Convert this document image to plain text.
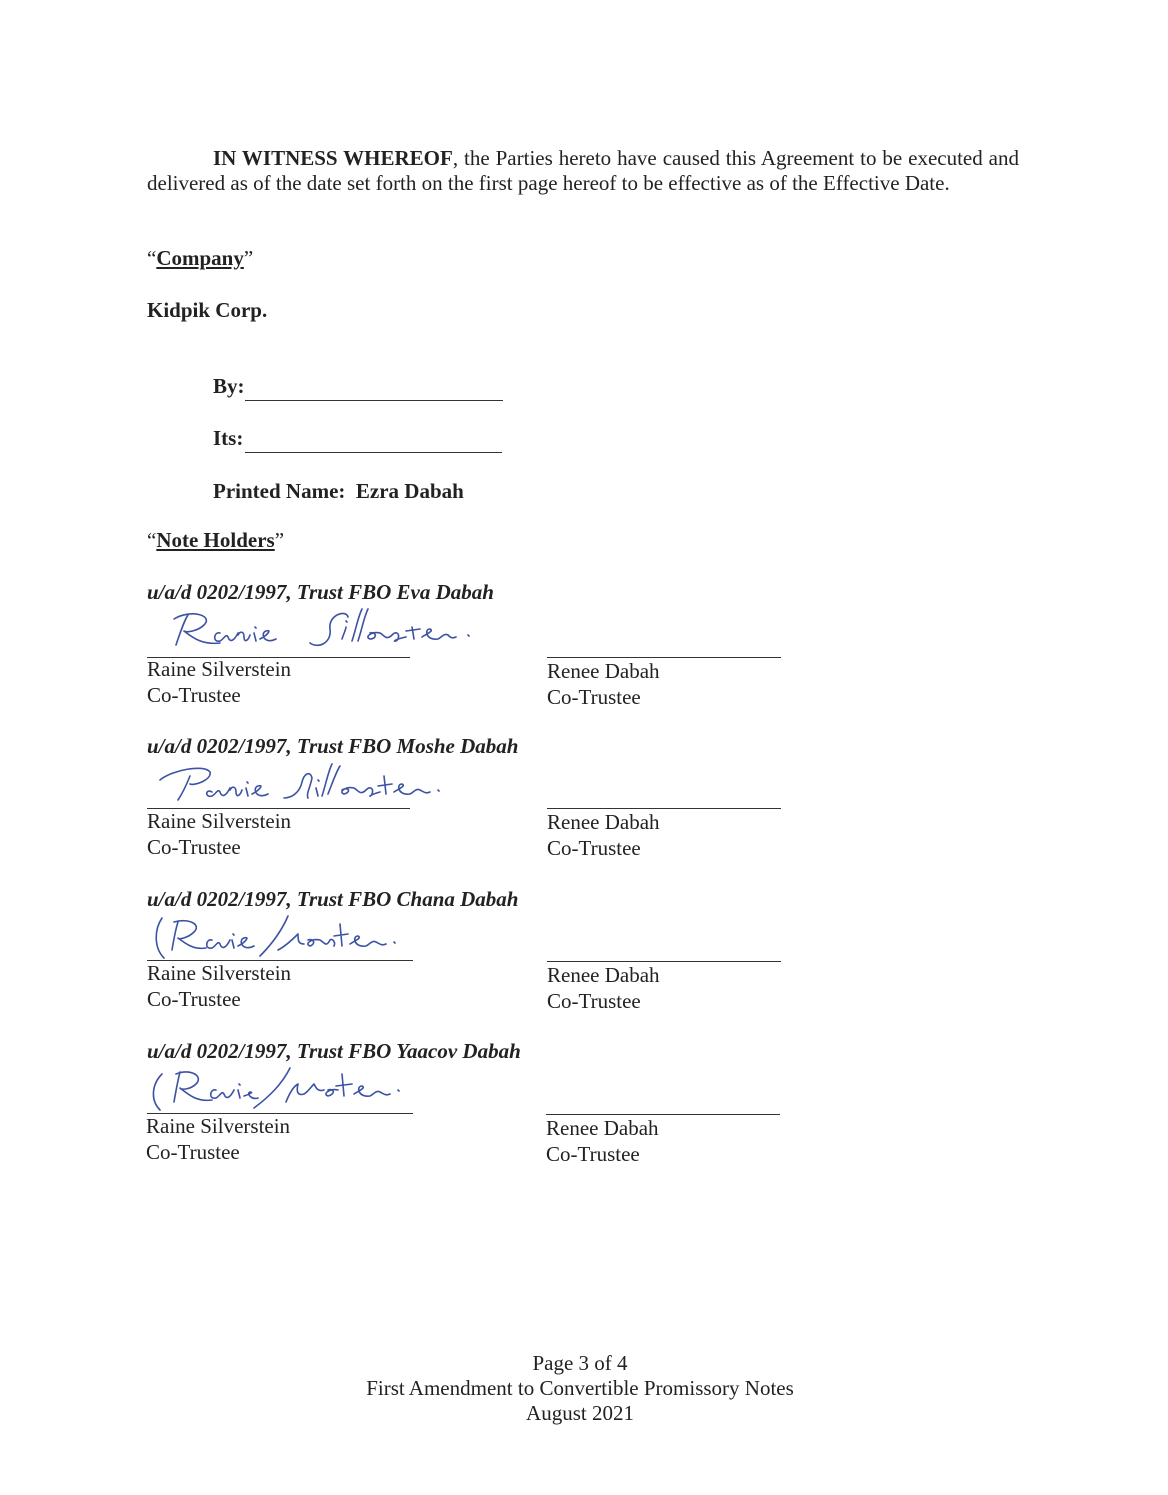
IN WITNESS WHEREOF, the Parties hereto have caused this Agreement to be executed and delivered as of the date set forth on the first page hereof to be effective as of the Effective Date.
“Company”
Kidpik Corp.
By:
Its:
Printed Name: Ezra Dabah
“Note Holders”
u/a/d 0202/1997, Trust FBO Eva Dabah
Raine Silverstein
Co-Trustee
Renee Dabah
Co-Trustee
u/a/d 0202/1997, Trust FBO Moshe Dabah
Raine Silverstein
Co-Trustee
Renee Dabah
Co-Trustee
u/a/d 0202/1997, Trust FBO Chana Dabah
Raine Silverstein
Co-Trustee
Renee Dabah
Co-Trustee
u/a/d 0202/1997, Trust FBO Yaacov Dabah
Raine Silverstein
Co-Trustee
Renee Dabah
Co-Trustee
Page 3 of 4
First Amendment to Convertible Promissory Notes
August 2021
